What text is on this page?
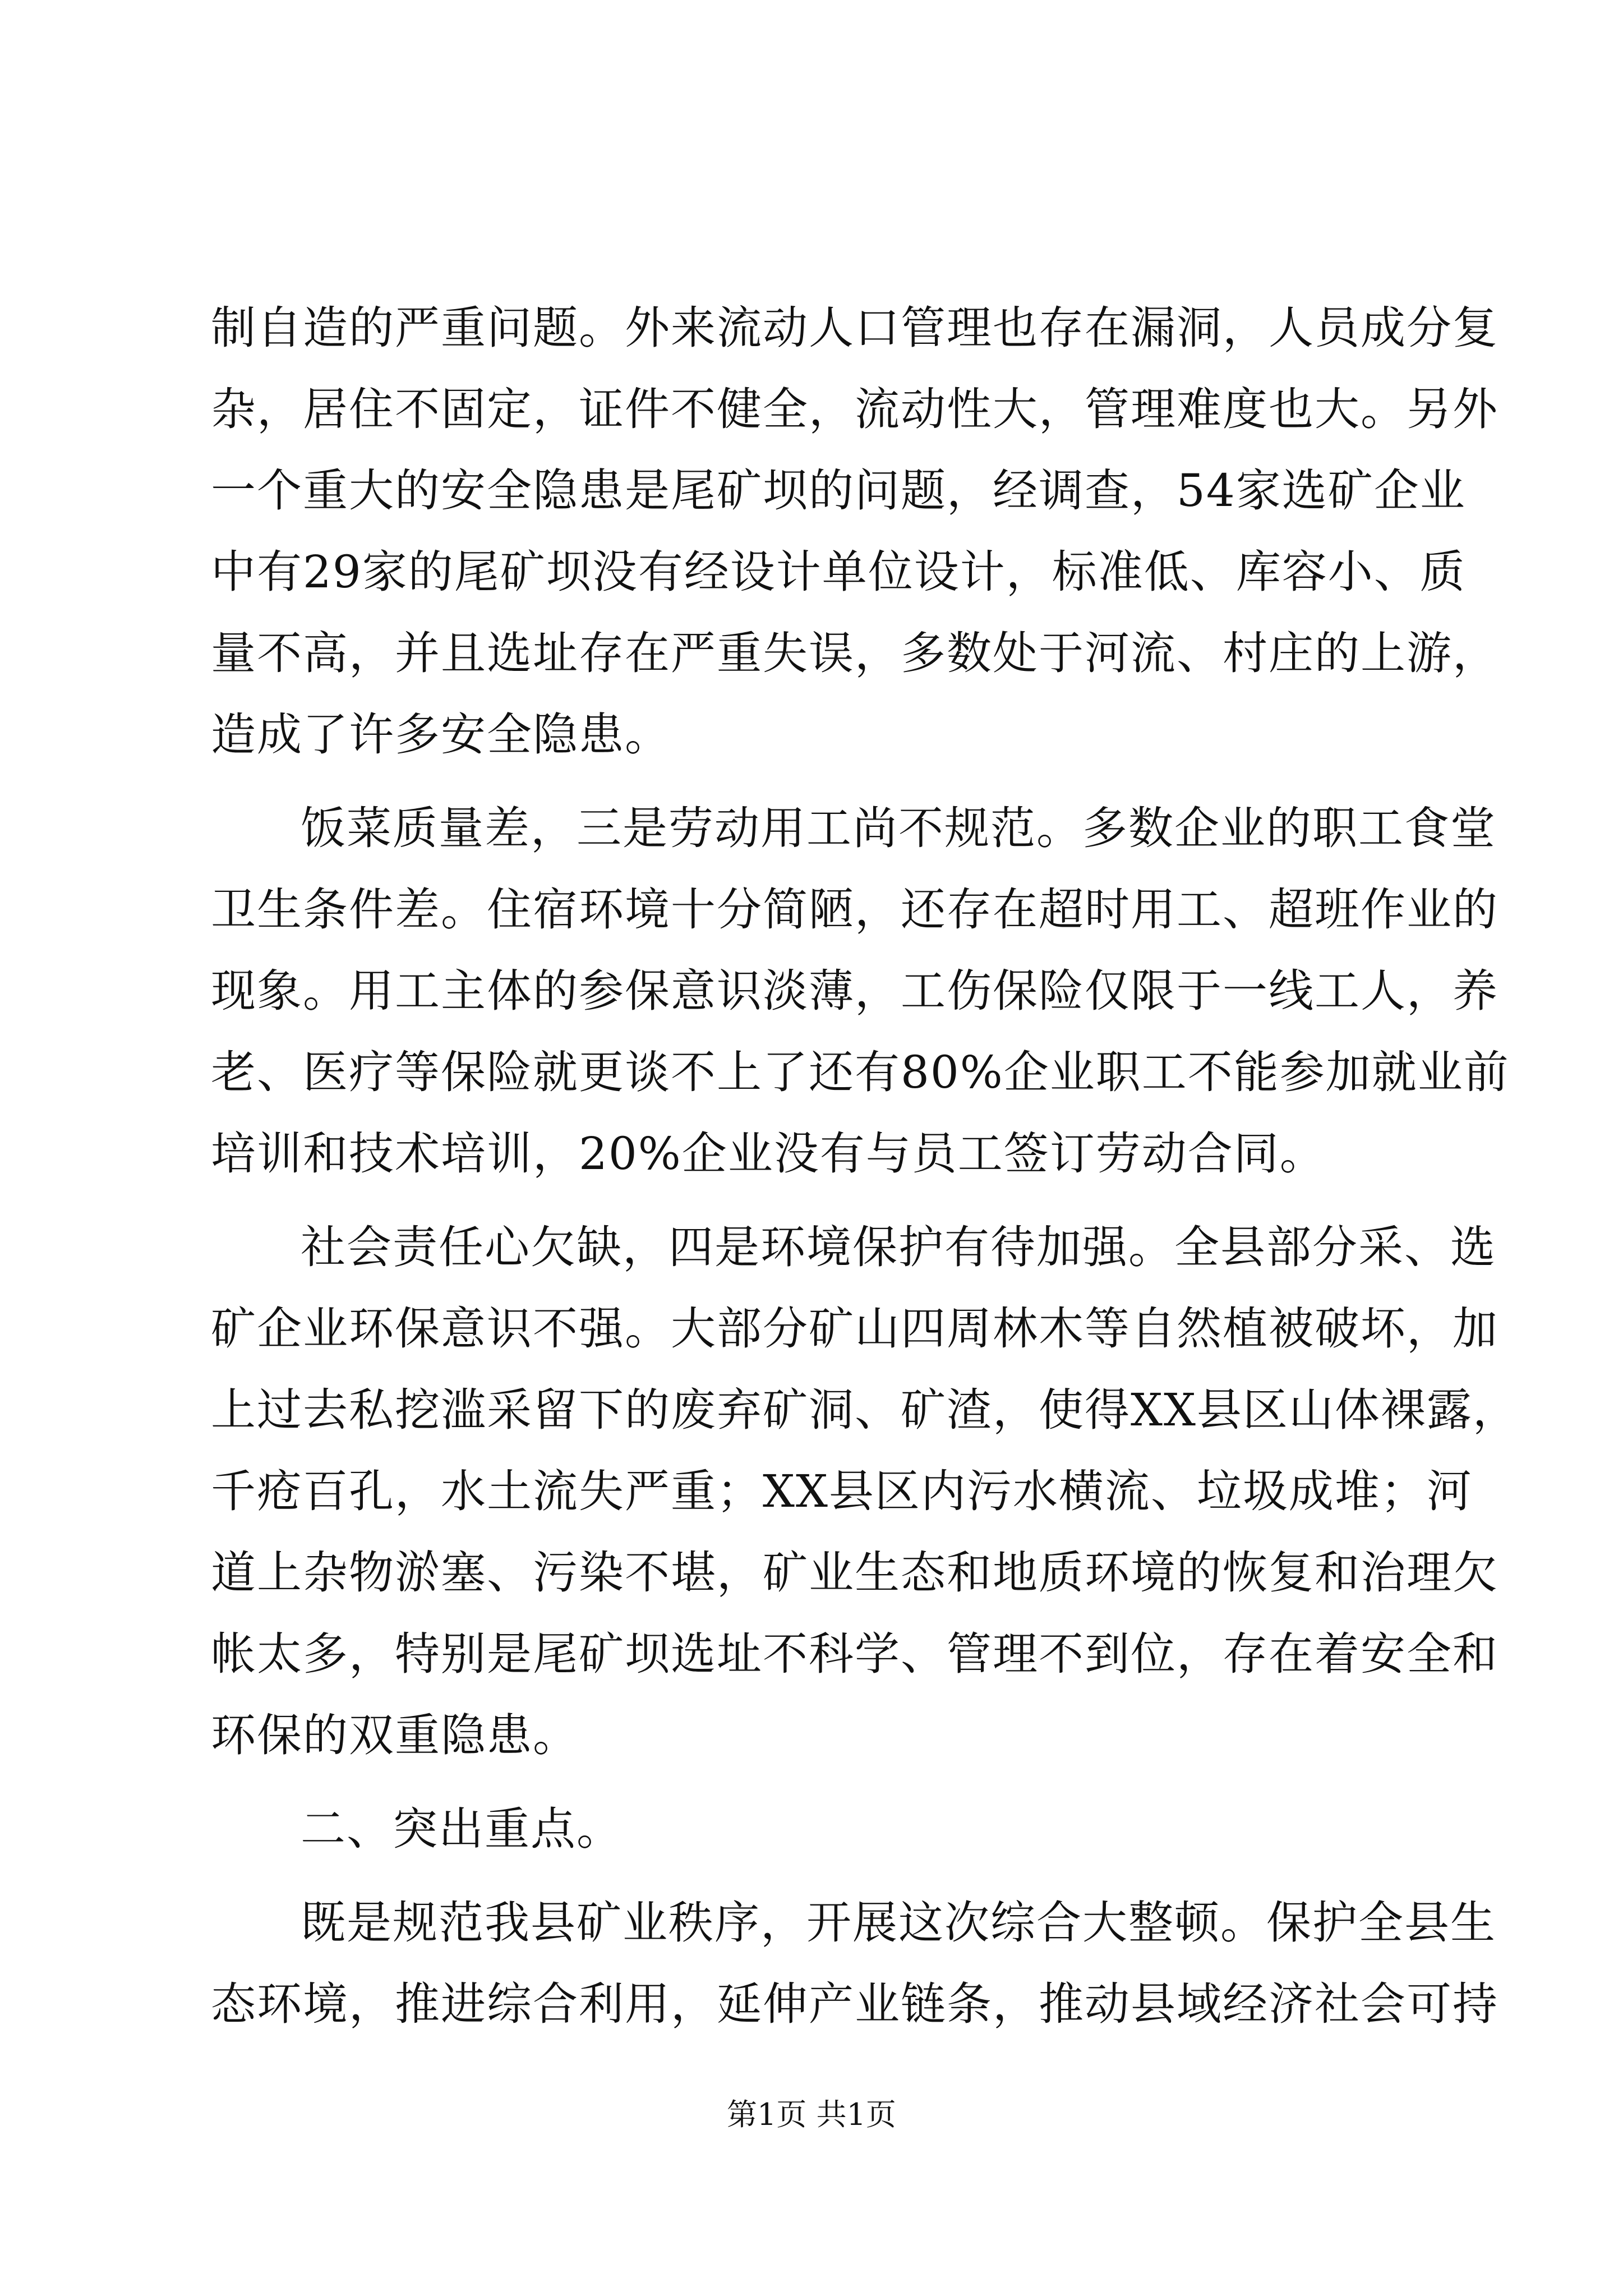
制自造的严重问题。外来流动人口管理也存在漏洞，人员成分复
杂，居住不固定，证件不健全，流动性大，管理难度也大。另外
一个重大的安全隐患是尾矿坝的问题，经调查，54家选矿企业
中有29家的尾矿坝没有经设计单位设计，标准低、库容小、质
量不高，并且选址存在严重失误，多数处于河流、村庄的上游，
造成了许多安全隐患。
饭菜质量差，三是劳动用工尚不规范。多数企业的职工食堂
卫生条件差。住宿环境十分简陋，还存在超时用工、超班作业的
现象。用工主体的参保意识淡薄，工伤保险仅限于一线工人，养
老、医疗等保险就更谈不上了还有80%企业职工不能参加就业前
培训和技术培训，20%企业没有与员工签订劳动合同。
社会责任心欠缺，四是环境保护有待加强。全县部分采、选
矿企业环保意识不强。大部分矿山四周林木等自然植被破坏，加
上过去私挖滥采留下的废弃矿洞、矿渣，使得XX县区山体裸露，
千疮百孔，水土流失严重；XX县区内污水横流、垃圾成堆；河
道上杂物淤塞、污染不堪，矿业生态和地质环境的恢复和治理欠
帐太多，特别是尾矿坝选址不科学、管理不到位，存在着安全和
环保的双重隐患。
二、突出重点。
既是规范我县矿业秩序，开展这次综合大整顿。保护全县生
态环境，推进综合利用，延伸产业链条，推动县域经济社会可持
第1页 共1页
